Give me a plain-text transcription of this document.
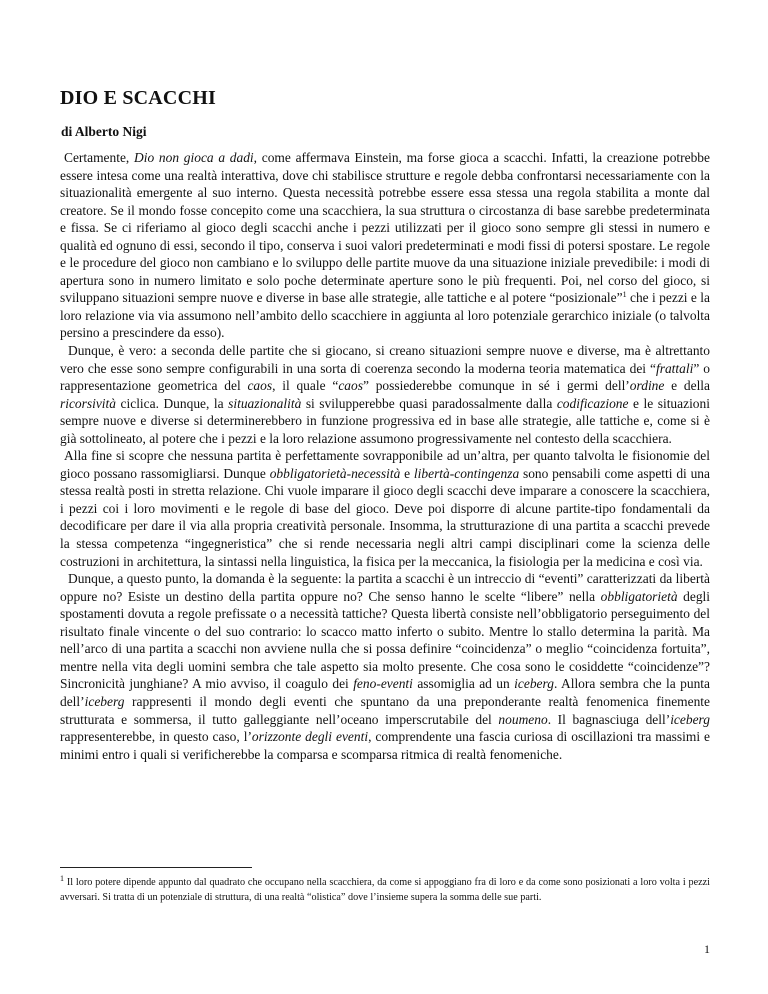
DIO E SCACCHI
di Alberto Nigi

Certamente, Dio non gioca a dadi, come affermava Einstein, ma forse gioca a scacchi. Infatti, la creazione potrebbe essere intesa come una realtà interattiva, dove chi stabilisce strutture e regole debba confrontarsi necessariamente con la situazionalità emergente al suo interno. Questa necessità potrebbe essere essa stessa una regola stabilita a monte dal creatore. Se il mondo fosse concepito come una scacchiera, la sua struttura o circostanza di base sarebbe predeterminata e fissa. Se ci riferiamo al gioco degli scacchi anche i pezzi utilizzati per il gioco sono sempre gli stessi in numero e qualità ed ognuno di essi, secondo il tipo, conserva i suoi valori predeterminati e modi fissi di potersi spostare. Le regole e le procedure del gioco non cambiano e lo sviluppo delle partite muove da una situazione iniziale prevedibile: i modi di apertura sono in numero limitato e solo poche determinate aperture sono le più frequenti. Poi, nel corso del gioco, si sviluppano situazioni sempre nuove e diverse in base alle strategie, alle tattiche e al potere “posizionale”$^1$ che i pezzi e la loro relazione via via assumono nell’ambito dello scacchiere in aggiunta al loro potenziale gerarchico iniziale (o talvolta persino a prescindere da esso).

Dunque, è vero: a seconda delle partite che si giocano, si creano situazioni sempre nuove e diverse, ma è altrettanto vero che esse sono sempre configurabili in una sorta di coerenza secondo la moderna teoria matematica dei “frattali” o rappresentazione geometrica del caos, il quale “caos” possiederebbe comunque in sé i germi dell’ordine e della ricorsività ciclica. Dunque, la situazionalità si svilupperebbe quasi paradossalmente dalla codificazione e le situazioni sempre nuove e diverse si determinerebbero in funzione progressiva ed in base alle strategie, alle tattiche e, come si è già sottolineato, al potere che i pezzi e la loro relazione assumono progressivamente nel contesto della scacchiera.

Alla fine si scopre che nessuna partita è perfettamente sovrapponibile ad un’altra, per quanto talvolta le fisionomie del gioco possano rassomigliarsi. Dunque obbligatorietà-necessità e libertà-contingenza sono pensabili come aspetti di una stessa realtà posti in stretta relazione. Chi vuole imparare il gioco degli scacchi deve imparare a conoscere la scacchiera, i pezzi coi i loro movimenti e le regole di base del gioco. Deve poi disporre di alcune partite-tipo fondamentali da decodificare per dare il via alla propria creatività personale. Insomma, la strutturazione di una partita a scacchi prevede la stessa competenza “ingegneristica” che si rende necessaria negli altri campi disciplinari come la scienza delle costruzioni in architettura, la sintassi nella linguistica, la fisica per la meccanica, la fisiologia per la medicina e così via.

Dunque, a questo punto, la domanda è la seguente: la partita a scacchi è un intreccio di “eventi” caratterizzati da libertà oppure no? Esiste un destino della partita oppure no? Che senso hanno le scelte “libere” nella obbligatorietà degli spostamenti dovuta a regole prefissate o a necessità tattiche? Questa libertà consiste nell’obbligatorio perseguimento del risultato finale vincente o del suo contrario: lo scacco matto inferto o subito. Mentre lo stallo determina la parità. Ma nell’arco di una partita a scacchi non avviene nulla che si possa definire “coincidenza” o meglio “coincidenza fortuita”, mentre nella vita degli uomini sembra che tale aspetto sia molto presente. Che cosa sono le cosiddette “coincidenze”? Sincronicità junghiane? A mio avviso, il coagulo dei feno-eventi assomiglia ad un iceberg. Allora sembra che la punta dell’iceberg rappresenti il mondo degli eventi che spuntano da una preponderante realtà fenomenica finemente strutturata e sommersa, il tutto galleggiante nell’oceano imperscrutabile del noumeno. Il bagnasciuga dell’iceberg rappresenterebbe, in questo caso, l’orizzonte degli eventi, comprendente una fascia curiosa di oscillazioni tra massimi e minimi entro i quali si verificherebbe la comparsa e scomparsa ritmica di realtà fenomeniche.

$^1$ Il loro potere dipende appunto dal quadrato che occupano nella scacchiera, da come si appoggiano fra di loro e da come sono posizionati a loro volta i pezzi avversari. Si tratta di un potenziale di struttura, di una realtà “olistica” dove l’insieme supera la somma delle sue parti.
1
